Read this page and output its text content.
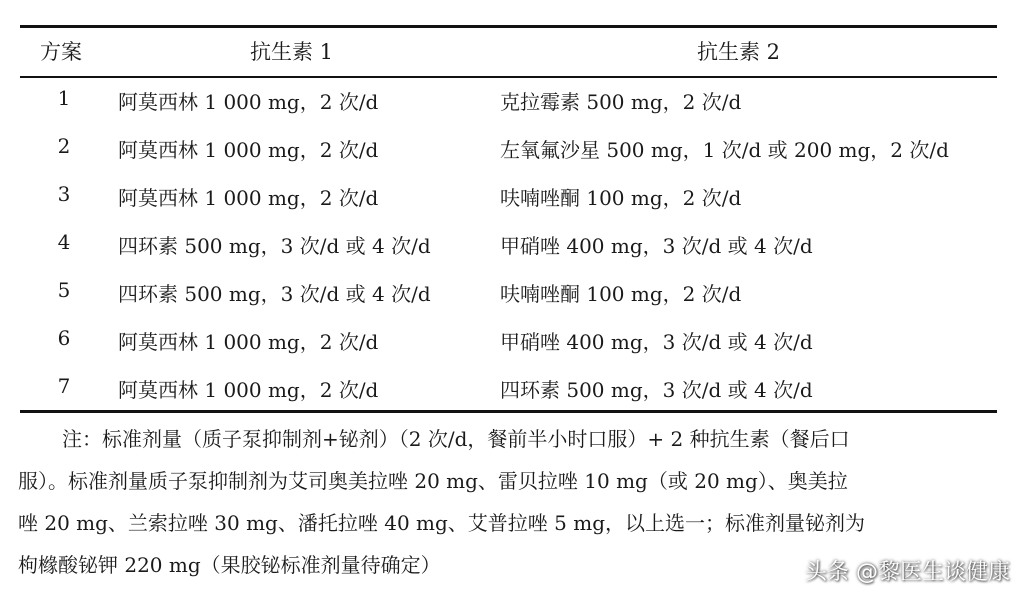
方案	抗生素 1	抗生素 2
1 阿莫西林 1 000 mg，2 次/d	克拉霉素 500 mg，2 次/d
2 阿莫西林 1 000 mg，2 次/d	左氧氟沙星 500 mg，1 次/d 或 200 mg，2 次/d
3 阿莫西林 1 000 mg，2 次/d	呋喃唑酮 100 mg，2 次/d
4 四环素 500 mg，3 次/d 或 4 次/d	甲硝唑 400 mg，3 次/d 或 4 次/d
5 四环素 500 mg，3 次/d 或 4 次/d	呋喃唑酮 100 mg，2 次/d
6 阿莫西林 1 000 mg，2 次/d	甲硝唑 400 mg，3 次/d 或 4 次/d
7 阿莫西林 1 000 mg，2 次/d	四环素 500 mg，3 次/d 或 4 次/d
注：标准剂量（质子泵抑制剂+铋剂）（2 次/d，餐前半小时口服）+ 2 种抗生素（餐后口
服）。标准剂量质子泵抑制剂为艾司奥美拉唑 20 mg、雷贝拉唑 10 mg（或 20 mg）、奥美拉
唑 20 mg、兰索拉唑 30 mg、潘托拉唑 40 mg、艾普拉唑 5 mg，以上选一；标准剂量铋剂为
枸橼酸铋钾 220 mg（果胶铋标准剂量待确定）	头条 @黎医生谈健康
